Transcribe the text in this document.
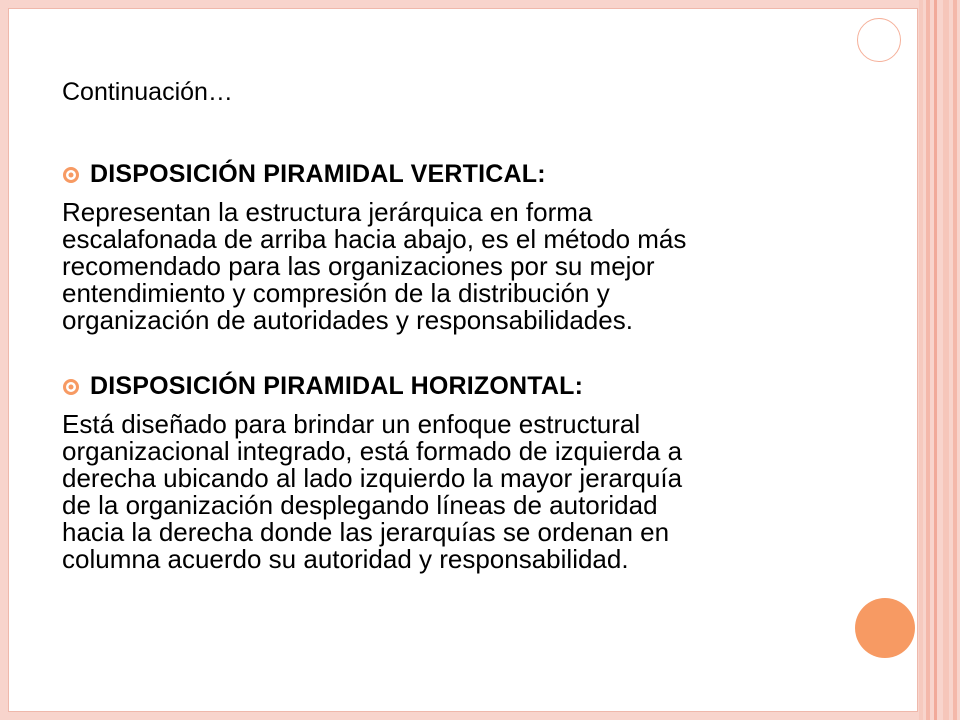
Continuación…
DISPOSICIÓN PIRAMIDAL VERTICAL:

Representan la estructura jerárquica en forma
escalafonada de arriba hacia abajo, es el método más
recomendado para las organizaciones por su mejor
entendimiento y compresión de la distribución y
organización de autoridades y responsabilidades.

DISPOSICIÓN PIRAMIDAL HORIZONTAL:

Está diseñado para brindar un enfoque estructural
organizacional integrado, está formado de izquierda a
derecha ubicando al lado izquierdo la mayor jerarquía
de la organización desplegando líneas de autoridad
hacia la derecha donde las jerarquías se ordenan en
columna acuerdo su autoridad y responsabilidad.
